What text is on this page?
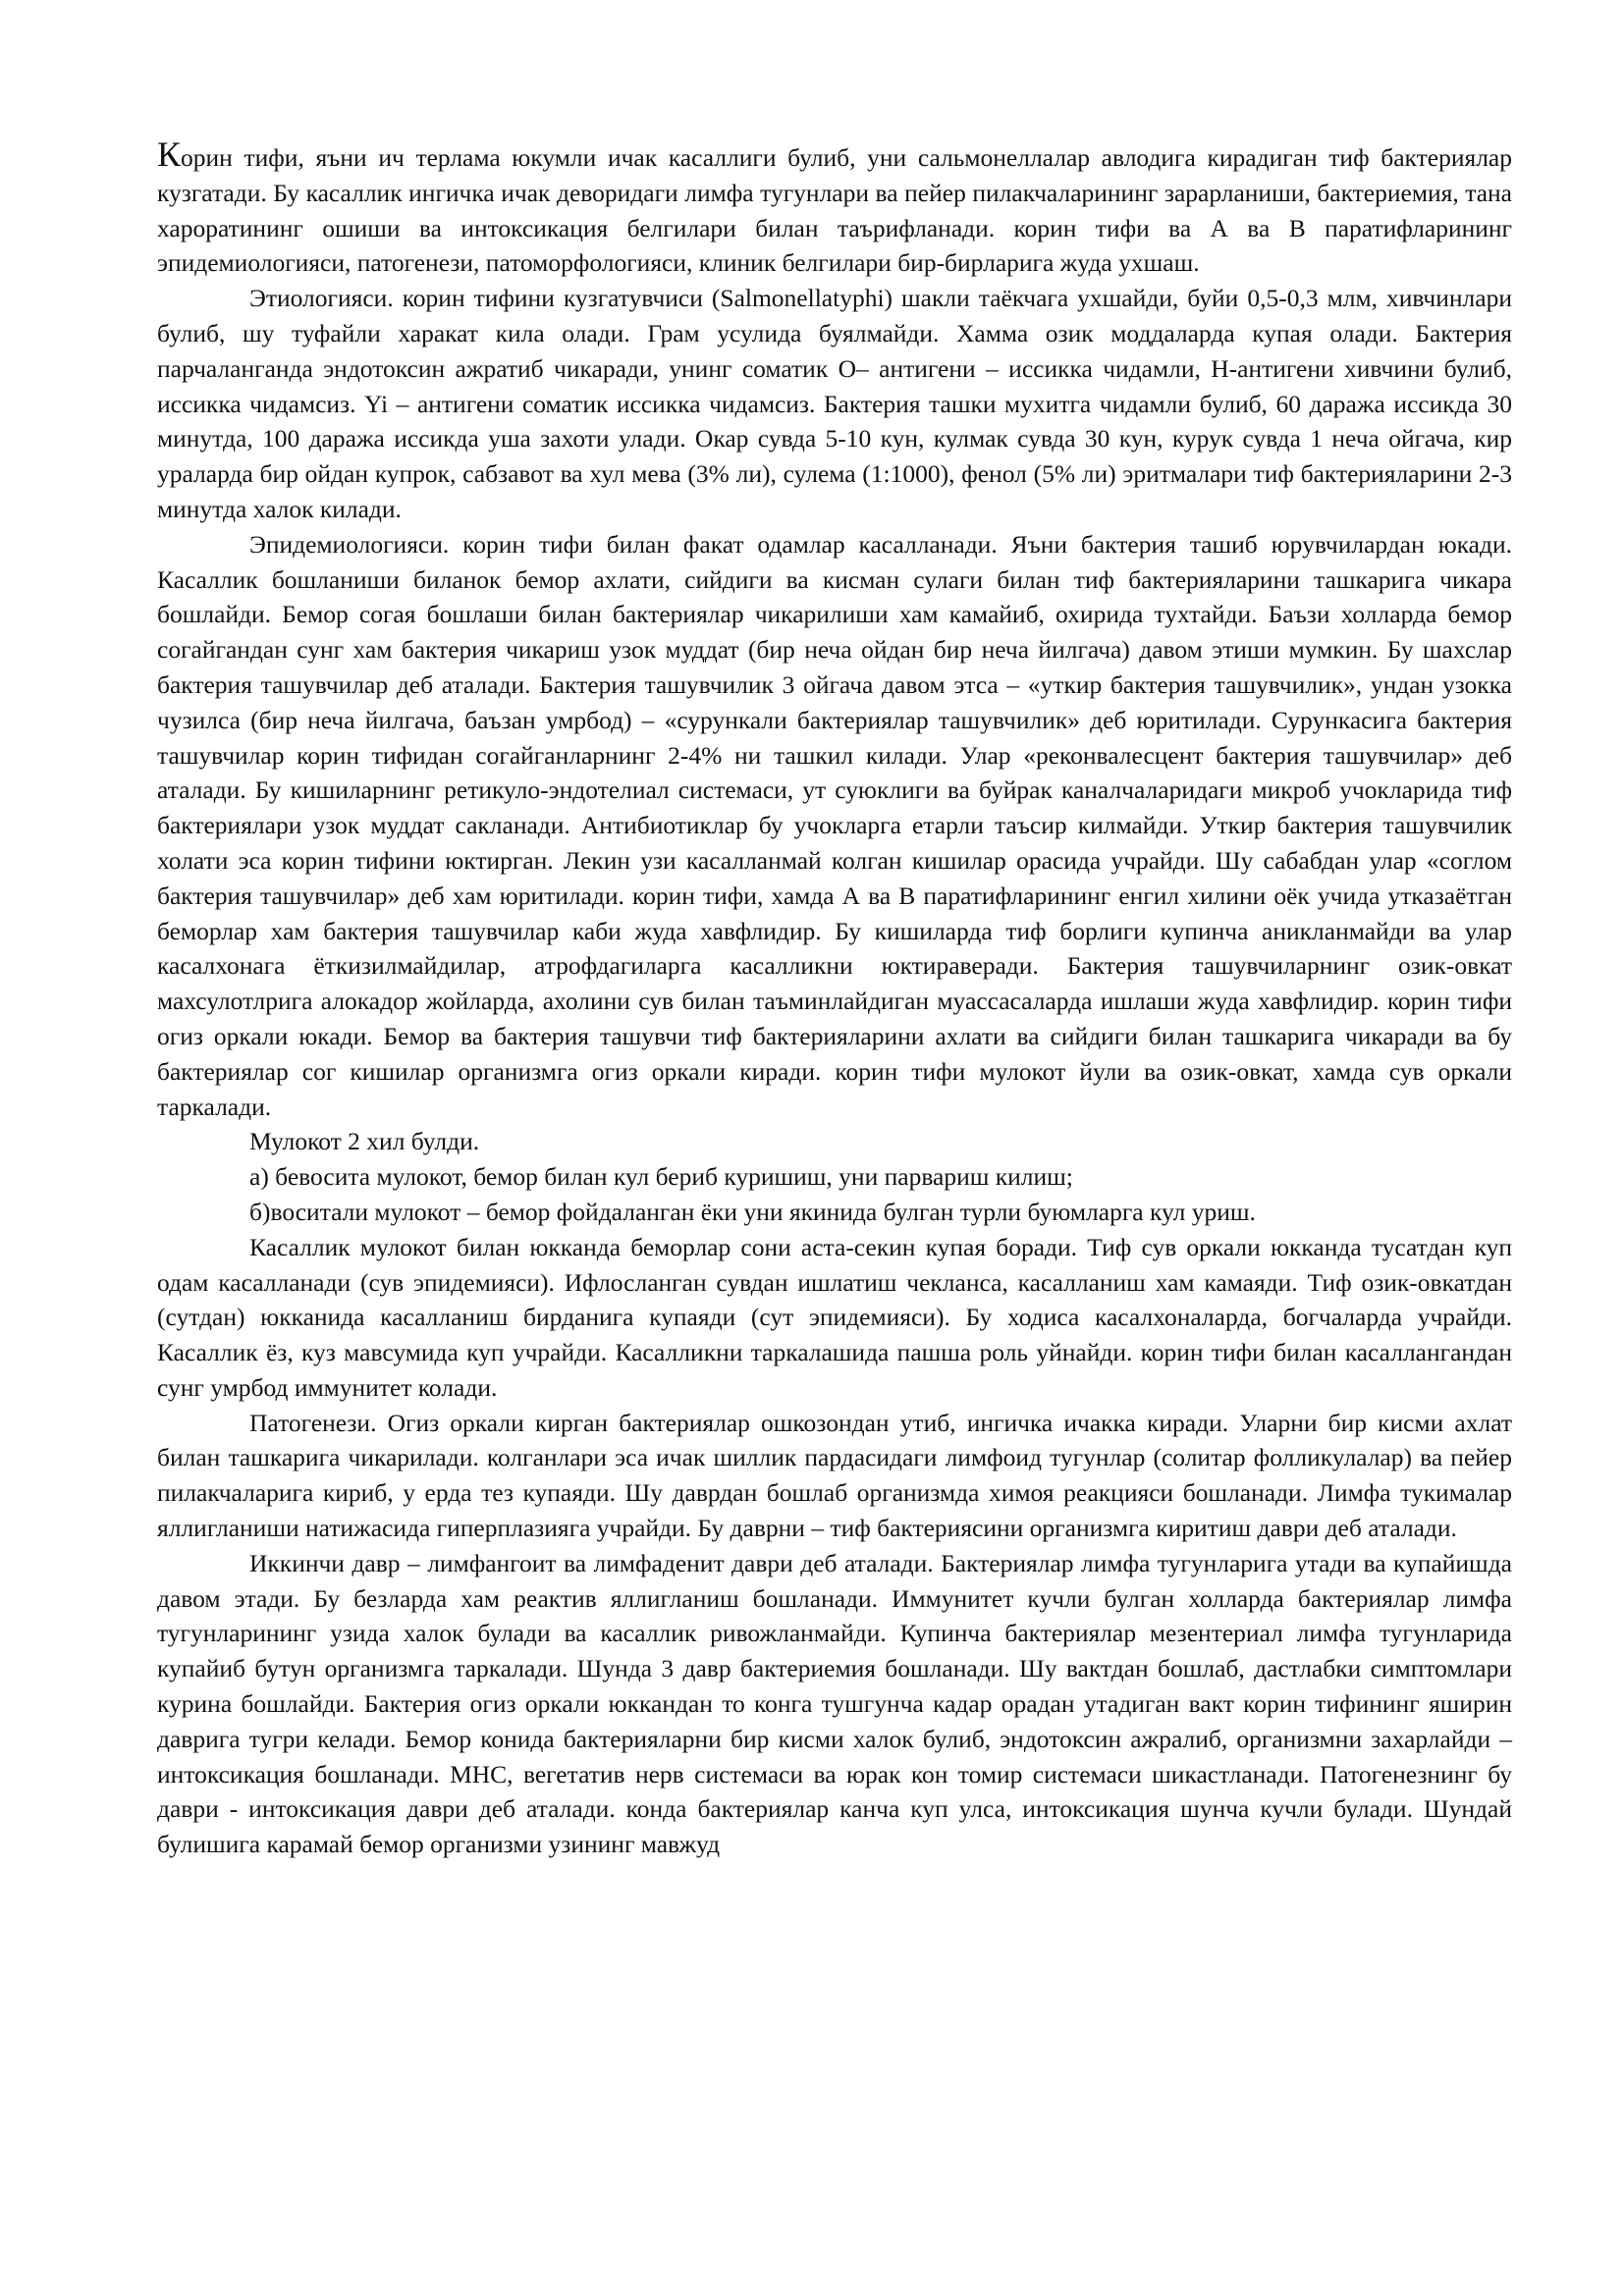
Корин тифи, яъни ич терлама юкумли ичак касаллиги булиб, уни сальмонеллалар авлодига кирадиган тиф бактериялар кузгатади. Бу касаллик ингичка ичак деворидаги лимфа тугунлари ва пейер пилакчаларининг зарарланиши, бактериемия, тана хароратининг ошиши ва интоксикация белгилари билан таърифланади. корин тифи ва А ва В паратифларининг эпидемиологияси, патогенези, патоморфологияси, клиник белгилари бир-бирларига жуда ухшаш.

Этиологияси. корин тифини кузгатувчиси (Salmonellatyphi) шакли таёкчага ухшайди, буйи 0,5-0,3 млм, хивчинлари булиб, шу туфайли харакат кила олади. Грам усулида буялмайди. Хамма озик моддаларда купая олади. Бактерия парчаланганда эндотоксин ажратиб чикаради, унинг соматик О– антигени – иссикка чидамли, Н-антигени хивчини булиб, иссикка чидамсиз. Yi – антигени соматик иссикка чидамсиз. Бактерия ташки мухитга чидамли булиб, 60 даража иссикда 30 минутда, 100 даража иссикда уша захоти улади. Окар сувда 5-10 кун, кулмак сувда 30 кун, курук сувда 1 неча ойгача, кир ураларда бир ойдан купрок, сабзавот ва хул мева (3% ли), сулема (1:1000), фенол (5% ли) эритмалари тиф бактерияларини 2-3 минутда халок килади.

Эпидемиологияси. корин тифи билан факат одамлар касалланади. Яъни бактерия ташиб юрувчилардан юкади. Касаллик бошланиши биланок бемор ахлати, сийдиги ва кисман сулаги билан тиф бактерияларини ташкарига чикара бошлайди. Бемор согая бошлаши билан бактериялар чикарилиши хам камайиб, охирида тухтайди. Баъзи холларда бемор согайгандан сунг хам бактерия чикариш узок муддат (бир неча ойдан бир неча йилгача) давом этиши мумкин. Бу шахслар бактерия ташувчилар деб аталади. Бактерия ташувчилик 3 ойгача давом этса – «уткир бактерия ташувчилик», ундан узокка чузилса (бир неча йилгача, баъзан умрбод) – «сурункали бактериялар ташувчилик» деб юритилади. Сурункасига бактерия ташувчилар корин тифидан согайганларнинг 2-4% ни ташкил килади. Улар «реконвалесцент бактерия ташувчилар» деб аталади. Бу кишиларнинг ретикуло-эндотелиал системаси, ут суюклиги ва буйрак каналчаларидаги микроб учокларида тиф бактериялари узок муддат сакланади. Антибиотиклар бу учокларга етарли таъсир килмайди. Уткир бактерия ташувчилик холати эса корин тифини юктирган. Лекин узи касалланмай колган кишилар орасида учрайди. Шу сабабдан улар «соглом бактерия ташувчилар» деб хам юритилади. корин тифи, хамда А ва В паратифларининг енгил хилини оёк учида утказаётган беморлар хам бактерия ташувчилар каби жуда хавфлидир. Бу кишиларда тиф борлиги купинча аникланмайди ва улар касалхонага ёткизилмайдилар, атрофдагиларга касалликни юктираверади. Бактерия ташувчиларнинг озик-овкат махсулотлрига алокадор жойларда, ахолини сув билан таъминлайдиган муассасаларда ишлаши жуда хавфлидир. корин тифи огиз оркали юкади. Бемор ва бактерия ташувчи тиф бактерияларини ахлати ва сийдиги билан ташкарига чикаради ва бу бактериялар сог кишилар организмга огиз оркали киради. корин тифи мулокот йули ва озик-овкат, хамда сув оркали таркалади.

Мулокот 2 хил булди.

а) бевосита мулокот, бемор билан кул бериб куришиш, уни парвариш килиш;

б)воситали мулокот – бемор фойдаланган ёки уни якинида булган турли буюмларга кул уриш.

Касаллик мулокот билан юкканда беморлар сони аста-секин купая боради. Тиф сув оркали юкканда тусатдан куп одам касалланади (сув эпидемияси). Ифлосланган сувдан ишлатиш чекланса, касалланиш хам камаяди. Тиф озик-овкатдан (сутдан) юкканида касалланиш бирданига купаяди (сут эпидемияси). Бу ходиса касалхоналарда, богчаларда учрайди. Касаллик ёз, куз мавсумида куп учрайди. Касалликни таркалашида пашша роль уйнайди. корин тифи билан касаллангандан сунг умрбод иммунитет колади.

Патогенези. Огиз оркали кирган бактериялар ошкозондан утиб, ингичка ичакка киради. Уларни бир кисми ахлат билан ташкарига чикарилади. колганлари эса ичак шиллик пардасидаги лимфоид тугунлар (солитар фолликулалар) ва пейер пилакчаларига кириб, у ерда тез купаяди. Шу даврдан бошлаб организмда химоя реакцияси бошланади. Лимфа тукималар яллигланиши натижасида гиперплазияга учрайди. Бу даврни – тиф бактериясини организмга киритиш даври деб аталади.

Иккинчи давр – лимфангоит ва лимфаденит даври деб аталади. Бактериялар лимфа тугунларига утади ва купайишда давом этади. Бу безларда хам реактив яллигланиш бошланади. Иммунитет кучли булган холларда бактериялар лимфа тугунларининг узида халок булади ва касаллик ривожланмайди. Купинча бактериялар мезентериал лимфа тугунларида купайиб бутун организмга таркалади. Шунда 3 давр бактериемия бошланади. Шу вактдан бошлаб, дастлабки симптомлари курина бошлайди. Бактерия огиз оркали юккандан то конга тушгунча кадар орадан утадиган вакт корин тифининг яширин даврига тугри келади. Бемор конида бактерияларни бир кисми халок булиб, эндотоксин ажралиб, организмни захарлайди – интоксикация бошланади. МНС, вегетатив нерв системаси ва юрак кон томир системаси шикастланади. Патогенезнинг бу даври - интоксикация даври деб аталади. конда бактериялар канча куп улса, интоксикация шунча кучли булади. Шундай булишига карамай бемор организми узининг мавжуд
